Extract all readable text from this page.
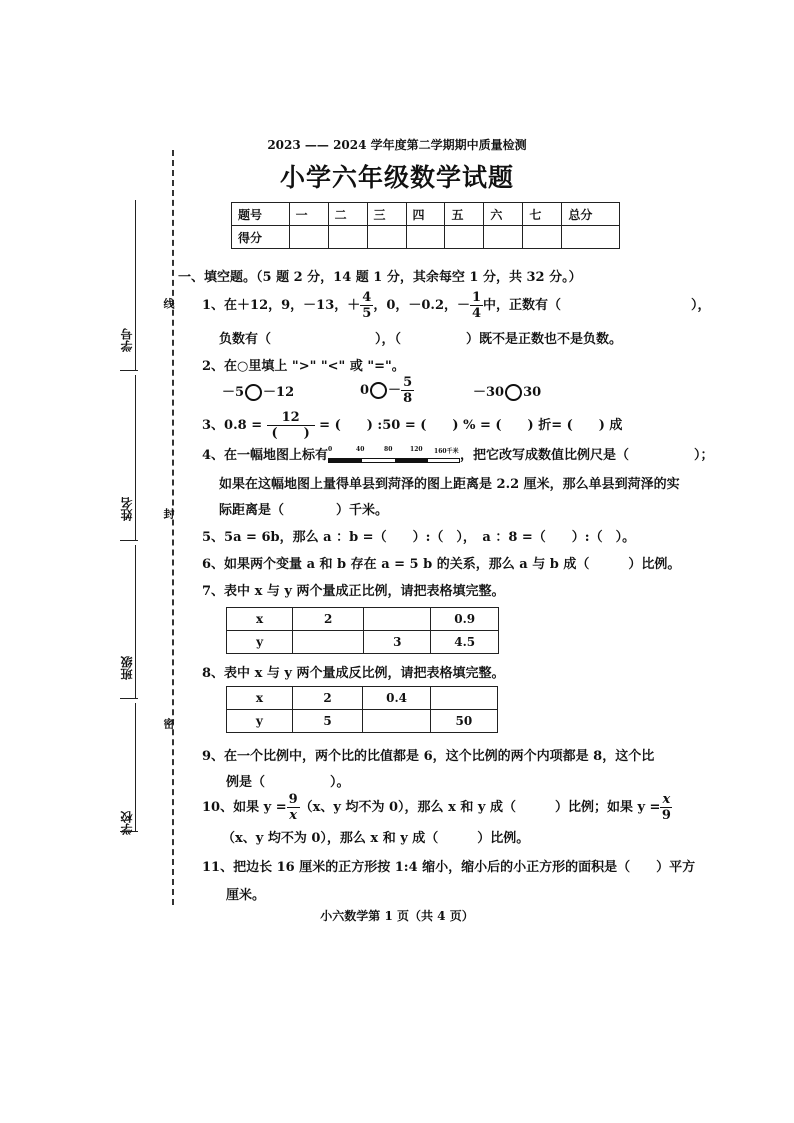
2023 —— 2024 学年度第二学期期中质量检测
小学六年级数学试题
题号	一	二	三	四	五	六	七	总分
得分								
线
封
密
学号
姓名
班级
学校
一、填空题。（5 题 2 分，14 题 1 分，其余每空 1 分，共 32 分。）
1、在＋12，9，－13，＋ $\frac{4}{5}$ ，0，－0.2，－ $\frac{1}{4}$ 中，正数有（　　　　　　　　　　），
负数有（　　　　　　　　），（　　　　　）既不是正数也不是负数。
2、在○里填上 ">" "<" 或 "="。
－5 －12	$0 - \frac{5}{8}$	－30 30
3、$0.8 = \frac{12}{( )}$ = (　　) :50 = (　　) % = (　　) 折= (　　) 成
4、在一幅地图上标有 0	40	80	120 160千米 ，把它改写成数值比例尺是（　　　　　）；
如果在这幅地图上量得单县到菏泽的图上距离是 2.2 厘米，那么单县到菏泽的实
际距离是（　　　　）千米。
5、5a = 6b，那么 a ：b =（　　）:（　），　a ：8 =（　　）:（　）。
6、如果两个变量 a 和 b 存在 a = 5 b 的关系，那么 a 与 b 成（　　　）比例。
7、表中 x 与 y 两个量成正比例，请把表格填完整。
x	2		0.9
y		3	4.5
8、表中 x 与 y 两个量成反比例，请把表格填完整。
x	2	0.4	
y	5		50
9、在一个比例中，两个比的比值都是 6，这个比例的两个内项都是 8，这个比
例是（　　　　　）。
10、如果 $y = \frac{9}{x} (x$、y 均不为 0），那么 x 和 y 成（　　　）比例；如果 $y = \frac{x}{9}$
（x、y 均不为 0），那么 x 和 y 成（　　　）比例。
11、把边长 16 厘米的正方形按 1:4 缩小，缩小后的小正方形的面积是（　　）平方
厘米。
小六数学第 1 页（共 4 页）
